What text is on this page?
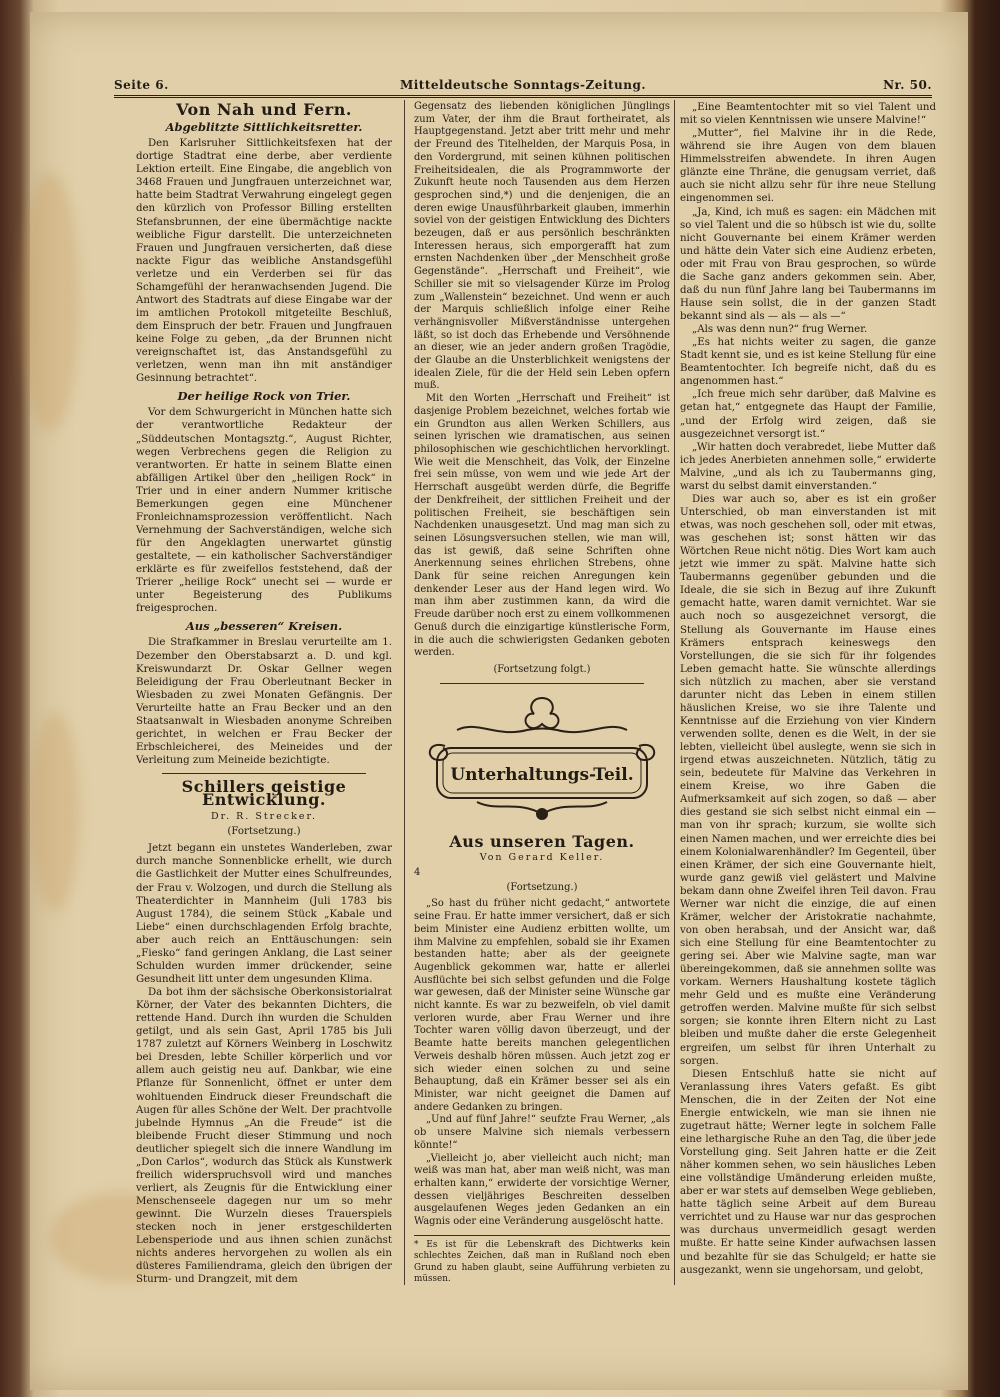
Seite 6.	Mitteldeutsche Sonntags-Zeitung.	Nr. 50.
Von Nah und Fern.
Abgeblitzte Sittlichkeitsretter.

Den Karlsruher Sittlichkeitsfexen hat der dortige Stadtrat eine derbe, aber verdiente Lektion erteilt. Eine Eingabe, die angeblich von 3468 Frauen und Jungfrauen unterzeichnet war, hatte beim Stadtrat Verwahrung eingelegt gegen den kürzlich von Professor Billing erstellten Stefansbrunnen, der eine übermächtige nackte weibliche Figur darstellt. Die unterzeichneten Frauen und Jungfrauen versicherten, daß diese nackte Figur das weibliche Anstandsgefühl verletze und ein Verderben sei für das Schamgefühl der heranwachsenden Jugend. Die Antwort des Stadtrats auf diese Eingabe war der im amtlichen Protokoll mitgeteilte Beschluß, dem Einspruch der betr. Frauen und Jungfrauen keine Folge zu geben, „da der Brunnen nicht vereignschaftet ist, das Anstandsgefühl zu verletzen, wenn man ihn mit anständiger Gesinnung betrachtet“.

Der heilige Rock von Trier.

Vor dem Schwurgericht in München hatte sich der verantwortliche Redakteur der „Süddeutschen Montagsztg.“, August Richter, wegen Verbrechens gegen die Religion zu verantworten. Er hatte in seinem Blatte einen abfälligen Artikel über den „heiligen Rock“ in Trier und in einer andern Nummer kritische Bemerkungen gegen eine Münchener Fronleichnamsprozession veröffentlicht. Nach Vernehmung der Sachverständigen, welche sich für den Angeklagten unerwartet günstig gestaltete, — ein katholischer Sachverständiger erklärte es für zweifellos feststehend, daß der Trierer „heilige Rock“ unecht sei — wurde er unter Begeisterung des Publikums freigesprochen.

Aus „besseren“ Kreisen.

Die Strafkammer in Breslau verurteilte am 1. Dezember den Oberstabsarzt a. D. und kgl. Kreiswundarzt Dr. Oskar Gellner wegen Beleidigung der Frau Oberleutnant Becker in Wiesbaden zu zwei Monaten Gefängnis. Der Verurteilte hatte an Frau Becker und an den Staatsanwalt in Wiesbaden anonyme Schreiben gerichtet, in welchen er Frau Becker der Erbschleicherei, des Meineides und der Verleitung zum Meineide bezichtigte.

Schillers geistige Entwicklung.
Dr. R. Strecker.
(Fortsetzung.)

Jetzt begann ein unstetes Wanderleben, zwar durch manche Sonnenblicke erhellt, wie durch die Gastlichkeit der Mutter eines Schulfreundes, der Frau v. Wolzogen, und durch die Stellung als Theaterdichter in Mannheim (Juli 1783 bis August 1784), die seinem Stück „Kabale und Liebe“ einen durchschlagenden Erfolg brachte, aber auch reich an Enttäuschungen: sein „Fiesko“ fand geringen Anklang, die Last seiner Schulden wurden immer drückender, seine Gesundheit litt unter dem ungesunden Klima.

Da bot ihm der sächsische Oberkonsistorialrat Körner, der Vater des bekannten Dichters, die rettende Hand. Durch ihn wurden die Schulden getilgt, und als sein Gast, April 1785 bis Juli 1787 zuletzt auf Körners Weinberg in Loschwitz bei Dresden, lebte Schiller körperlich und vor allem auch geistig neu auf. Dankbar, wie eine Pflanze für Sonnenlicht, öffnet er unter dem wohltuenden Eindruck dieser Freundschaft die Augen für alles Schöne der Welt. Der prachtvolle jubelnde Hymnus „An die Freude“ ist die bleibende Frucht dieser Stimmung und noch deutlicher spiegelt sich die innere Wandlung im „Don Carlos“, wodurch das Stück als Kunstwerk freilich widerspruchsvoll wird und manches verliert, als Zeugnis für die Entwicklung einer Menschenseele dagegen nur um so mehr gewinnt. Die Wurzeln dieses Trauerspiels stecken noch in jener erstgeschilderten Lebensperiode und aus ihnen schien zunächst nichts anderes hervorgehen zu wollen als ein düsteres Familiendrama, gleich den übrigen der Sturm- und Drangzeit, mit dem

Gegensatz des liebenden königlichen Jünglings zum Vater, der ihm die Braut fortheiratet, als Hauptgegenstand. Jetzt aber tritt mehr und mehr der Freund des Titelhelden, der Marquis Posa, in den Vordergrund, mit seinen kühnen politischen Freiheitsidealen, die als Programmworte der Zukunft heute noch Tausenden aus dem Herzen gesprochen sind,*) und die denjenigen, die an deren ewige Unausführbarkeit glauben, immerhin soviel von der geistigen Entwicklung des Dichters bezeugen, daß er aus persönlich beschränkten Interessen heraus, sich emporgerafft hat zum ernsten Nachdenken über „der Menschheit große Gegenstände“. „Herrschaft und Freiheit“, wie Schiller sie mit so vielsagender Kürze im Prolog zum „Wallenstein“ bezeichnet. Und wenn er auch der Marquis schließlich infolge einer Reihe verhängnisvoller Mißverständnisse untergehen läßt, so ist doch das Erhebende und Versöhnende an dieser, wie an jeder andern großen Tragödie, der Glaube an die Unsterblichkeit wenigstens der idealen Ziele, für die der Held sein Leben opfern muß.

Mit den Worten „Herrschaft und Freiheit“ ist dasjenige Problem bezeichnet, welches fortab wie ein Grundton aus allen Werken Schillers, aus seinen lyrischen wie dramatischen, aus seinen philosophischen wie geschichtlichen hervorklingt. Wie weit die Menschheit, das Volk, der Einzelne frei sein müsse, von wem und wie jede Art der Herrschaft ausgeübt werden dürfe, die Begriffe der Denkfreiheit, der sittlichen Freiheit und der politischen Freiheit, sie beschäftigen sein Nachdenken unausgesetzt. Und mag man sich zu seinen Lösungsversuchen stellen, wie man will, das ist gewiß, daß seine Schriften ohne Anerkennung seines ehrlichen Strebens, ohne Dank für seine reichen Anregungen kein denkender Leser aus der Hand legen wird. Wo man ihm aber zustimmen kann, da wird die Freude darüber noch erst zu einem vollkommenen Genuß durch die einzigartige künstlerische Form, in die auch die schwierigsten Gedanken geboten werden.

(Fortsetzung folgt.)
Unterhaltungs-Teil.
Aus unseren Tagen.
Von Gerard Keller.
4
(Fortsetzung.)

„So hast du früher nicht gedacht,“ antwortete seine Frau. Er hatte immer versichert, daß er sich beim Minister eine Audienz erbitten wollte, um ihm Malvine zu empfehlen, sobald sie ihr Examen bestanden hatte; aber als der geeignete Augenblick gekommen war, hatte er allerlei Ausflüchte bei sich selbst gefunden und die Folge war gewesen, daß der Minister seine Wünsche gar nicht kannte. Es war zu bezweifeln, ob viel damit verloren wurde, aber Frau Werner und ihre Tochter waren völlig davon überzeugt, und der Beamte hatte bereits manchen gelegentlichen Verweis deshalb hören müssen. Auch jetzt zog er sich wieder einen solchen zu und seine Behauptung, daß ein Krämer besser sei als ein Minister, war nicht geeignet die Damen auf andere Gedanken zu bringen.

„Und auf fünf Jahre!“ seufzte Frau Werner, „als ob unsere Malvine sich niemals verbessern könnte!“

„Vielleicht jo, aber vielleicht auch nicht; man weiß was man hat, aber man weiß nicht, was man erhalten kann,“ erwiderte der vorsichtige Werner, dessen vieljähriges Beschreiten desselben ausgelaufenen Weges jeden Gedanken an ein Wagnis oder eine Veränderung ausgelöscht hatte.

* Es ist für die Lebenskraft des Dichtwerks kein schlechtes Zeichen, daß man in Rußland noch eben Grund zu haben glaubt, seine Aufführung verbieten zu müssen.

„Eine Beamtentochter mit so viel Talent und mit so vielen Kenntnissen wie unsere Malvine!“

„Mutter“, fiel Malvine ihr in die Rede, während sie ihre Augen von dem blauen Himmelsstreifen abwendete. In ihren Augen glänzte eine Thräne, die genugsam verriet, daß auch sie nicht allzu sehr für ihre neue Stellung eingenommen sei.

„Ja, Kind, ich muß es sagen: ein Mädchen mit so viel Talent und die so hübsch ist wie du, sollte nicht Gouvernante bei einem Krämer werden und hätte dein Vater sich eine Audienz erbeten, oder mit Frau von Brau gesprochen, so würde die Sache ganz anders gekommen sein. Aber, daß du nun fünf Jahre lang bei Taubermanns im Hause sein sollst, die in der ganzen Stadt bekannt sind als — als — als —“

„Als was denn nun?“ frug Werner.

„Es hat nichts weiter zu sagen, die ganze Stadt kennt sie, und es ist keine Stellung für eine Beamtentochter. Ich begreife nicht, daß du es angenommen hast.“

„Ich freue mich sehr darüber, daß Malvine es getan hat,“ entgegnete das Haupt der Familie, „und der Erfolg wird zeigen, daß sie ausgezeichnet versorgt ist.“

„Wir hatten doch verabredet, liebe Mutter daß ich jedes Anerbieten annehmen solle,“ erwiderte Malvine, „und als ich zu Taubermanns ging, warst du selbst damit einverstanden.“

Dies war auch so, aber es ist ein großer Unterschied, ob man einverstanden ist mit etwas, was noch geschehen soll, oder mit etwas, was geschehen ist; sonst hätten wir das Wörtchen Reue nicht nötig. Dies Wort kam auch jetzt wie immer zu spät. Malvine hatte sich Taubermanns gegenüber gebunden und die Ideale, die sie sich in Bezug auf ihre Zukunft gemacht hatte, waren damit vernichtet. War sie auch noch so ausgezeichnet versorgt, die Stellung als Gouvernante im Hause eines Krämers entsprach keineswegs den Vorstellungen, die sie sich für ihr folgendes Leben gemacht hatte. Sie wünschte allerdings sich nützlich zu machen, aber sie verstand darunter nicht das Leben in einem stillen häuslichen Kreise, wo sie ihre Talente und Kenntnisse auf die Erziehung von vier Kindern verwenden sollte, denen es die Welt, in der sie lebten, vielleicht übel auslegte, wenn sie sich in irgend etwas auszeichneten. Nützlich, tätig zu sein, bedeutete für Malvine das Verkehren in einem Kreise, wo ihre Gaben die Aufmerksamkeit auf sich zogen, so daß — aber dies gestand sie sich selbst nicht einmal ein — man von ihr sprach; kurzum, sie wollte sich einen Namen machen, und wer erreichte dies bei einem Kolonialwarenhändler? Im Gegenteil, über einen Krämer, der sich eine Gouvernante hielt, wurde ganz gewiß viel gelästert und Malvine bekam dann ohne Zweifel ihren Teil davon. Frau Werner war nicht die einzige, die auf einen Krämer, welcher der Aristokratie nachahmte, von oben herabsah, und der Ansicht war, daß sich eine Stellung für eine Beamtentochter zu gering sei. Aber wie Malvine sagte, man war übereingekommen, daß sie annehmen sollte was vorkam. Werners Haushaltung kostete täglich mehr Geld und es mußte eine Veränderung getroffen werden. Malvine mußte für sich selbst sorgen; sie konnte ihren Eltern nicht zu Last bleiben und mußte daher die erste Gelegenheit ergreifen, um selbst für ihren Unterhalt zu sorgen.

Diesen Entschluß hatte sie nicht auf Veranlassung ihres Vaters gefaßt. Es gibt Menschen, die in der Zeiten der Not eine Energie entwickeln, wie man sie ihnen nie zugetraut hätte; Werner legte in solchem Falle eine lethargische Ruhe an den Tag, die über jede Vorstellung ging. Seit Jahren hatte er die Zeit näher kommen sehen, wo sein häusliches Leben eine vollständige Umänderung erleiden mußte, aber er war stets auf demselben Wege geblieben, hatte täglich seine Arbeit auf dem Bureau verrichtet und zu Hause war nur das gesprochen was durchaus unvermeidlich gesagt werden mußte. Er hatte seine Kinder aufwachsen lassen und bezahlte für sie das Schulgeld; er hatte sie ausgezankt, wenn sie ungehorsam, und gelobt,
